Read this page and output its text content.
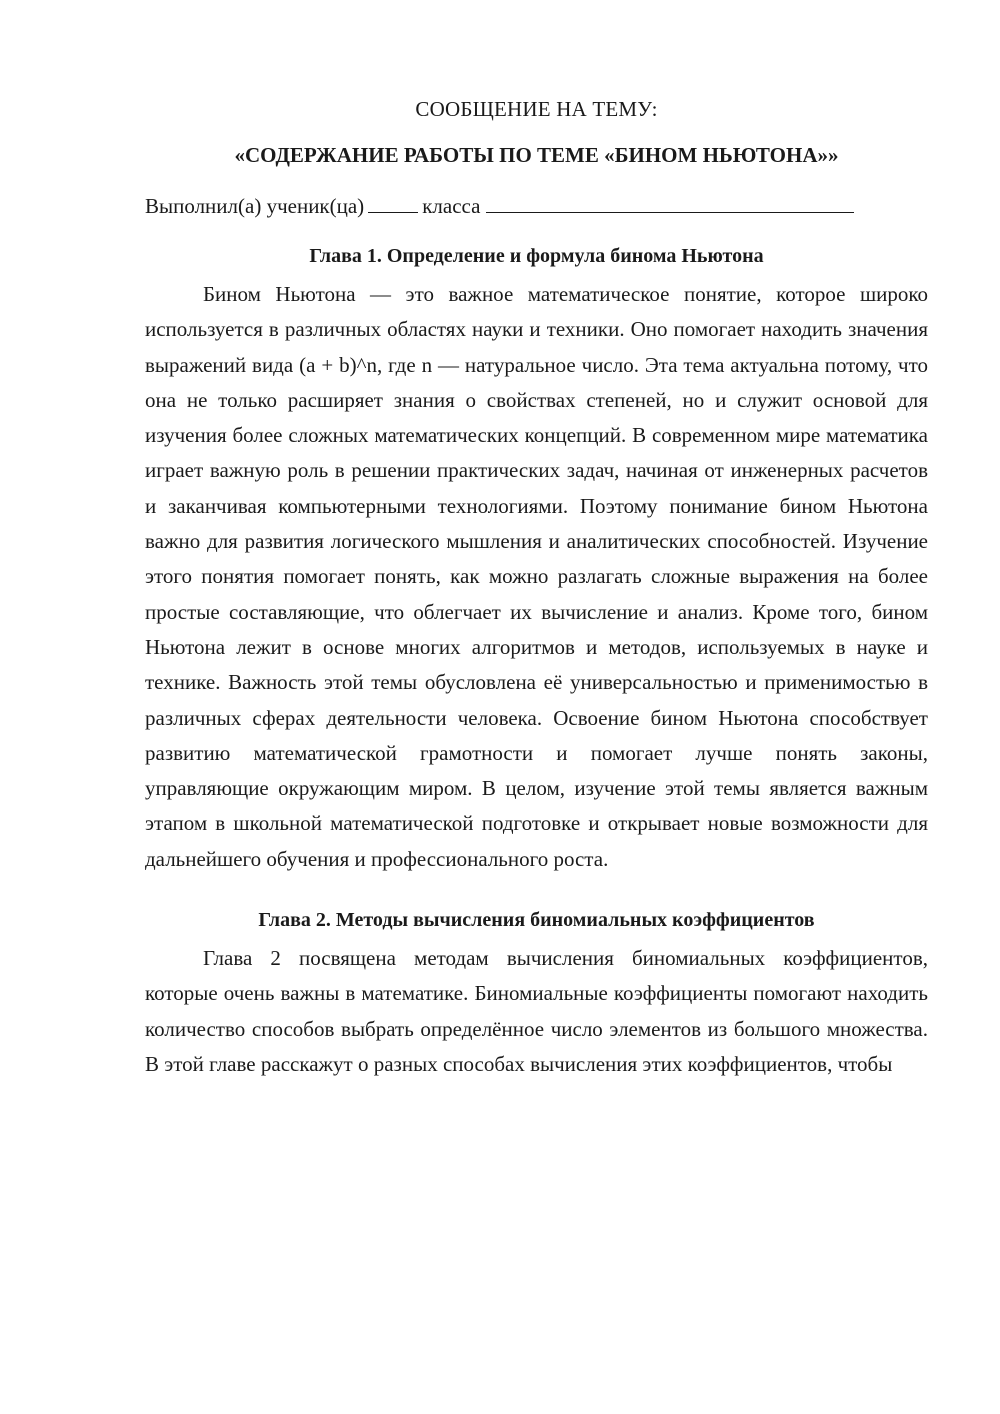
СООБЩЕНИЕ НА ТЕМУ:

«СОДЕРЖАНИЕ РАБОТЫ ПО ТЕМЕ «БИНОМ НЬЮТОНА»»

Выполнил(а) ученик(ца)	класса

Глава 1. Определение и формула бинома Ньютона

Бином Ньютона — это важное математическое понятие, которое широко используется в различных областях науки и техники. Оно помогает находить значения выражений вида (a + b)^n, где n — натуральное число. Эта тема актуальна потому, что она не только расширяет знания о свойствах степеней, но и служит основой для изучения более сложных математических концепций. В современном мире математика играет важную роль в решении практических задач, начиная от инженерных расчетов и заканчивая компьютерными технологиями. Поэтому понимание бином Ньютона важно для развития логического мышления и аналитических способностей. Изучение этого понятия помогает понять, как можно разлагать сложные выражения на более простые составляющие, что облегчает их вычисление и анализ. Кроме того, бином Ньютона лежит в основе многих алгоритмов и методов, используемых в науке и технике. Важность этой темы обусловлена её универсальностью и применимостью в различных сферах деятельности человека. Освоение бином Ньютона способствует развитию математической грамотности и помогает лучше понять законы, управляющие окружающим миром. В целом, изучение этой темы является важным этапом в школьной математической подготовке и открывает новые возможности для дальнейшего обучения и профессионального роста.

Глава 2. Методы вычисления биномиальных коэффициентов

Глава 2 посвящена методам вычисления биномиальных коэффициентов, которые очень важны в математике. Биномиальные коэффициенты помогают находить количество способов выбрать определённое число элементов из большого множества. В этой главе расскажут о разных способах вычисления этих коэффициентов, чтобы
